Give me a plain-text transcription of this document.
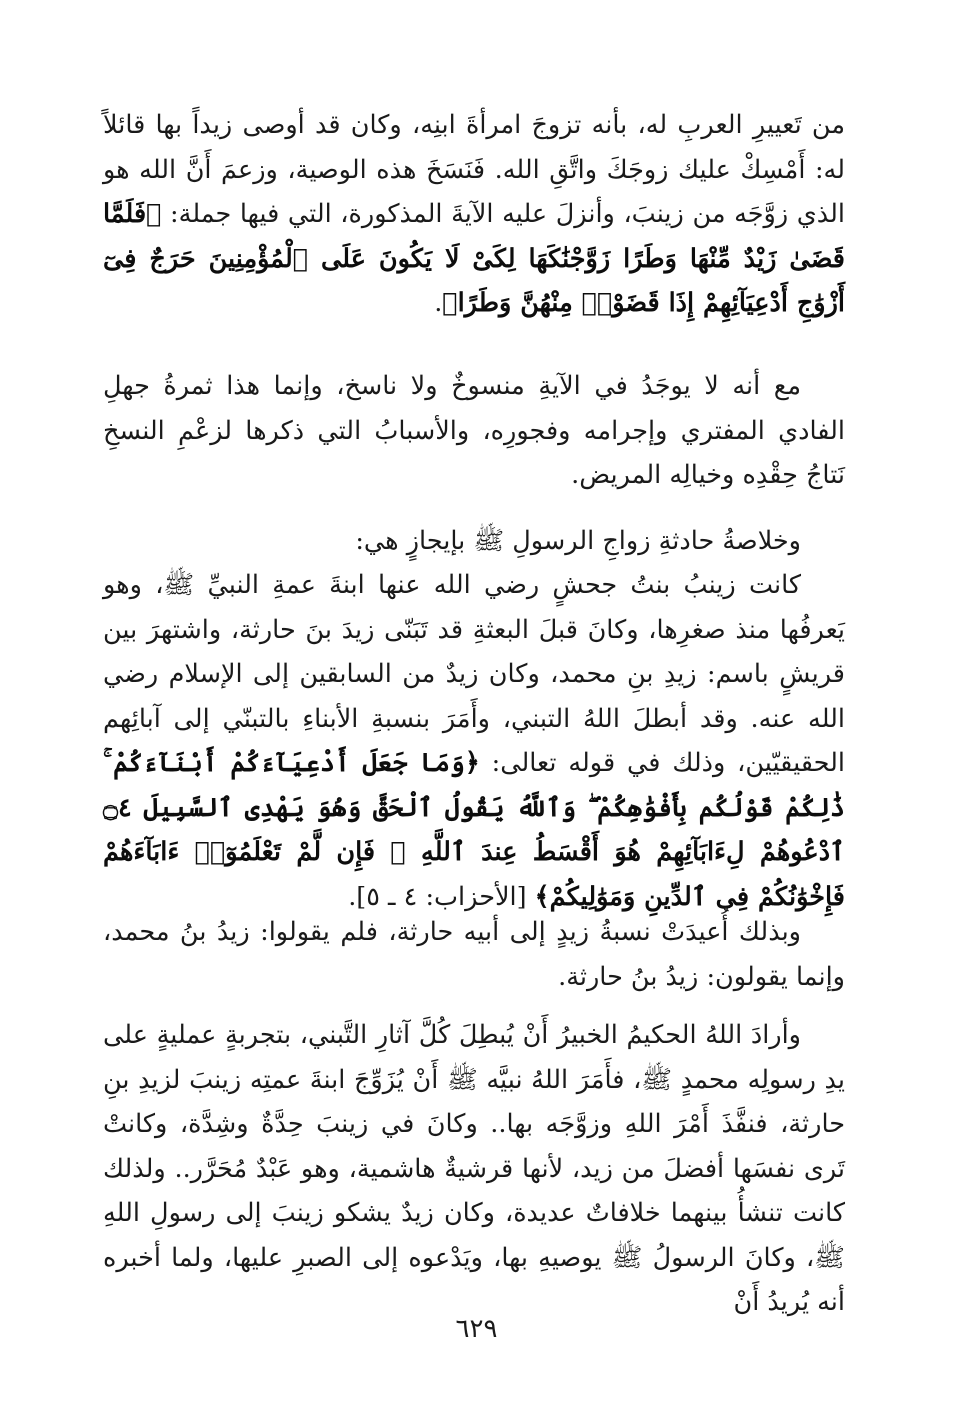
من تَعييرِ العربِ له، بأنه تزوجَ امرأةَ ابنِه، وكان قد أوصى زيداً بها قائلاً له: أَمْسِكْ عليك زوجَكَ واتَّقِ الله. فَنَسَخَ هذه الوصية، وزعمَ أَنَّ الله هو الذي زوَّجَه من زينبَ، وأنزلَ عليه الآيةَ المذكورة، التي فيها جملة: ﴿فَلَمَّا قَضَىٰ زَيْدٌ مِّنْهَا وَطَرًا زَوَّجْنَٰكَهَا لِكَىْ لَا يَكُونَ عَلَى ٱلْمُؤْمِنِينَ حَرَجٌ فِىٓ أَزْوَٰجِ أَدْعِيَآئِهِمْ إِذَا قَضَوْا۟ مِنْهُنَّ وَطَرًا﴾.

مع أنه لا يوجَدُ في الآيةِ منسوخٌ ولا ناسخ، وإنما هذا ثمرةُ جهلِ الفادي المفتري وإجرامه وفجورِه، والأسبابُ التي ذكرها لزعْمِ النسخِ نَتاجُ حِقْدِه وخيالِه المريض.

وخلاصةُ حادثةِ زواجِ الرسولِ ﷺ بإيجازٍ هي:

كانت زينبُ بنتُ جحشٍ رضي الله عنها ابنةَ عمةِ النبيِّ ﷺ، وهو يَعرفُها منذ صغرِها، وكانَ قبلَ البعثةِ قد تَبَنّى زيدَ بنَ حارثة، واشتهرَ بين قريشٍ باسم: زيدِ بنِ محمد، وكان زيدٌ من السابقين إلى الإسلام رضي الله عنه. وقد أبطلَ اللهُ التبني، وأَمَرَ بنسبةِ الأبناءِ بالتبنّي إلى آبائِهم الحقيقيّين، وذلك في قوله تعالى: ﴿وَمَا جَعَلَ أَدْعِيَآءَكُمْ أَبْنَآءَكُمْ ۚ ذَٰلِكُمْ قَوْلُكُم بِأَفْوَٰهِكُمْ ۖ وَٱللَّهُ يَقُولُ ٱلْحَقَّ وَهُوَ يَهْدِى ٱلسَّبِيلَ ۝٤ ٱدْعُوهُمْ لِءَابَآئِهِمْ هُوَ أَقْسَطُ عِندَ ٱللَّهِ ۚ فَإِن لَّمْ تَعْلَمُوٓا۟ ءَابَآءَهُمْ فَإِخْوَٰنُكُمْ فِى ٱلدِّينِ وَمَوَٰلِيكُمْ﴾ [الأحزاب: ٤ ـ ٥].

وبذلك أُعيدَتْ نسبةُ زيدٍ إلى أبيه حارثة، فلم يقولوا: زيدُ بنُ محمد، وإنما يقولون: زيدُ بنُ حارثة.

وأرادَ اللهُ الحكيمُ الخبيرُ أَنْ يُبطِلَ كُلَّ آثارِ التَّبني، بتجربةٍ عمليةٍ على يدِ رسولِه محمدٍ ﷺ، فأَمَرَ اللهُ نبيَّه ﷺ أَنْ يُزَوِّجَ ابنةَ عمتِه زينبَ لزيدِ بنِ حارثة، فنفَّذَ أَمْرَ اللهِ وزوَّجَه بها.. وكانَ في زينبَ حِدَّةٌ وشِدَّة، وكانتْ تَرى نفسَها أفضلَ من زيد، لأنها قرشيةٌ هاشمية، وهو عَبْدٌ مُحَرَّر.. ولذلك كانت تنشأُ بينهما خلافاتٌ عديدة، وكان زيدٌ يشكو زينبَ إلى رسولِ اللهِ ﷺ، وكانَ الرسولُ ﷺ يوصيهِ بها، ويَدْعوه إلى الصبرِ عليها، ولما أخبره أنه يُريدُ أَنْ

٦٢٩
